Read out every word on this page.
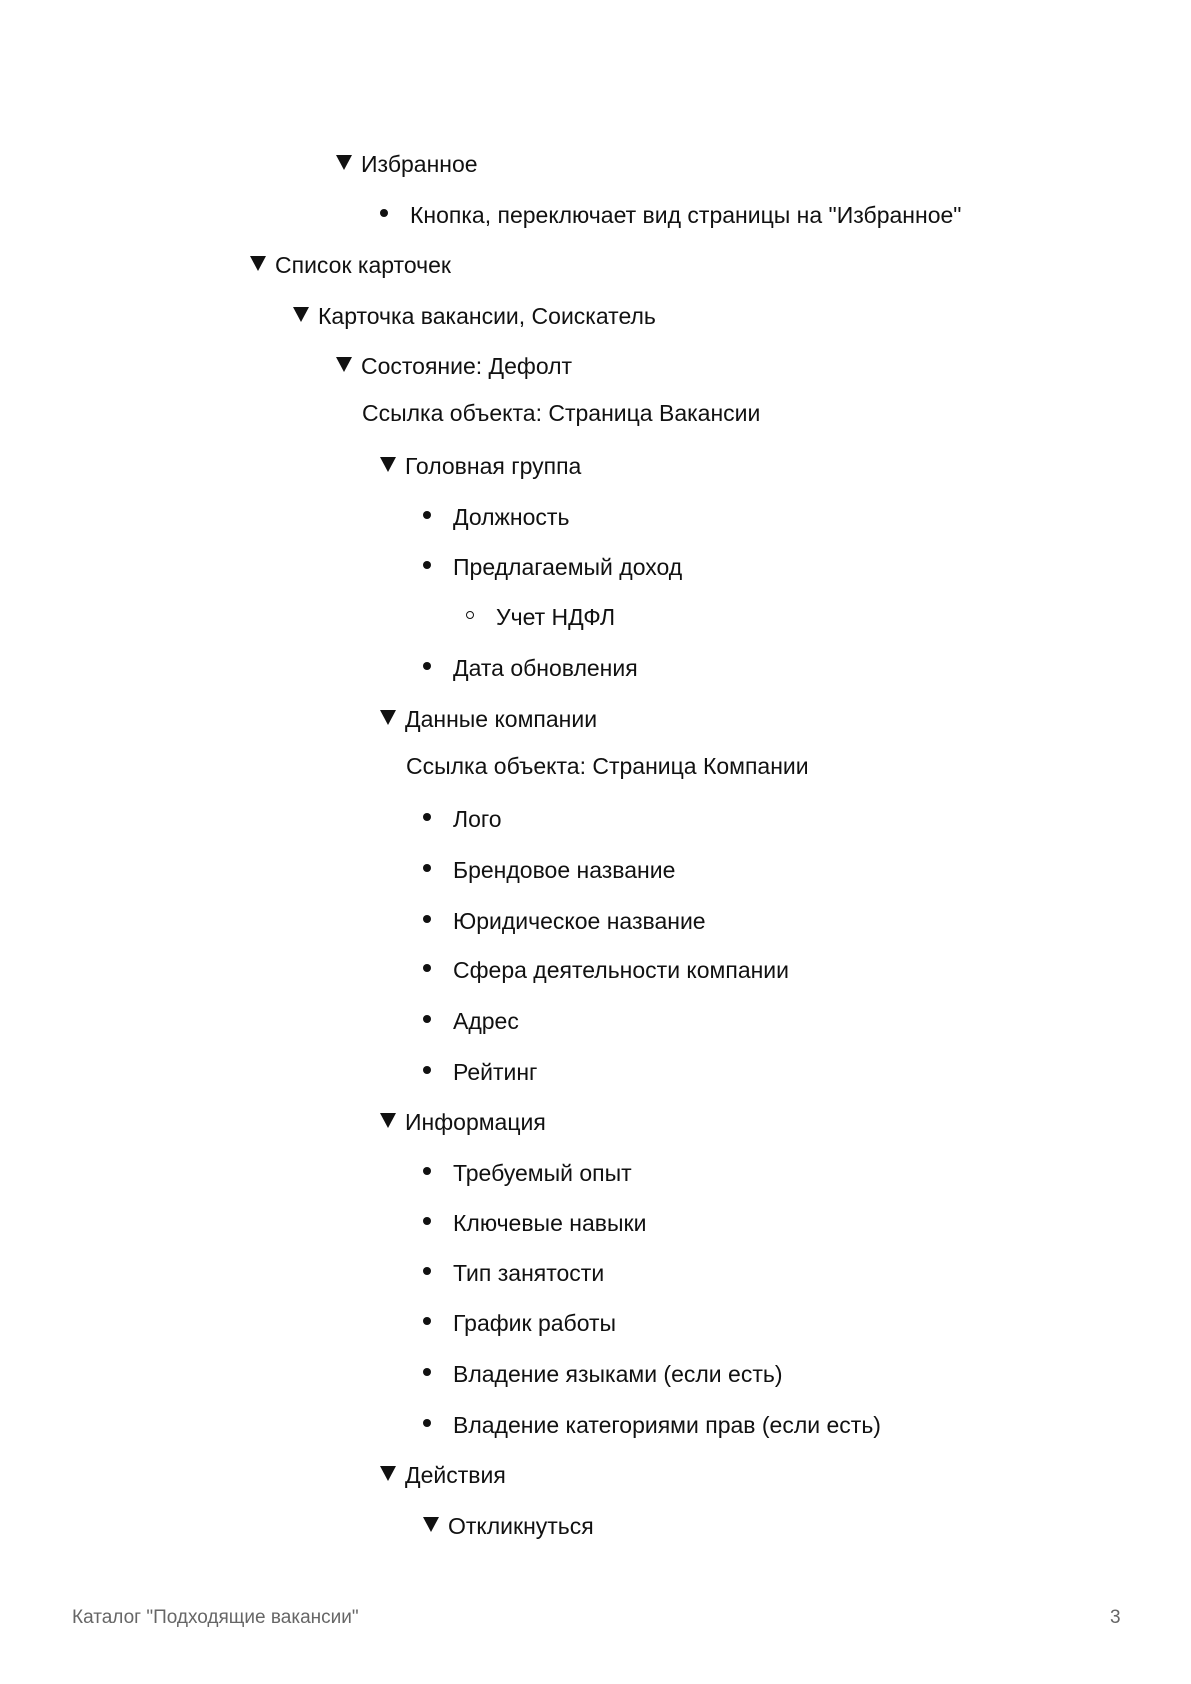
Избранное
Кнопка, переключает вид страницы на "Избранное"
Список карточек
Карточка вакансии, Соискатель
Состояние: Дефолт
Ссылка объекта: Страница Вакансии
Головная группа
Должность
Предлагаемый доход
Учет НДФЛ
Дата обновления
Данные компании
Ссылка объекта: Страница Компании
Лого
Брендовое название
Юридическое название
Сфера деятельности компании
Адрес
Рейтинг
Информация
Требуемый опыт
Ключевые навыки
Тип занятости
График работы
Владение языками (если есть)
Владение категориями прав (если есть)
Действия
Откликнуться
Каталог "Подходящие вакансии"	3
